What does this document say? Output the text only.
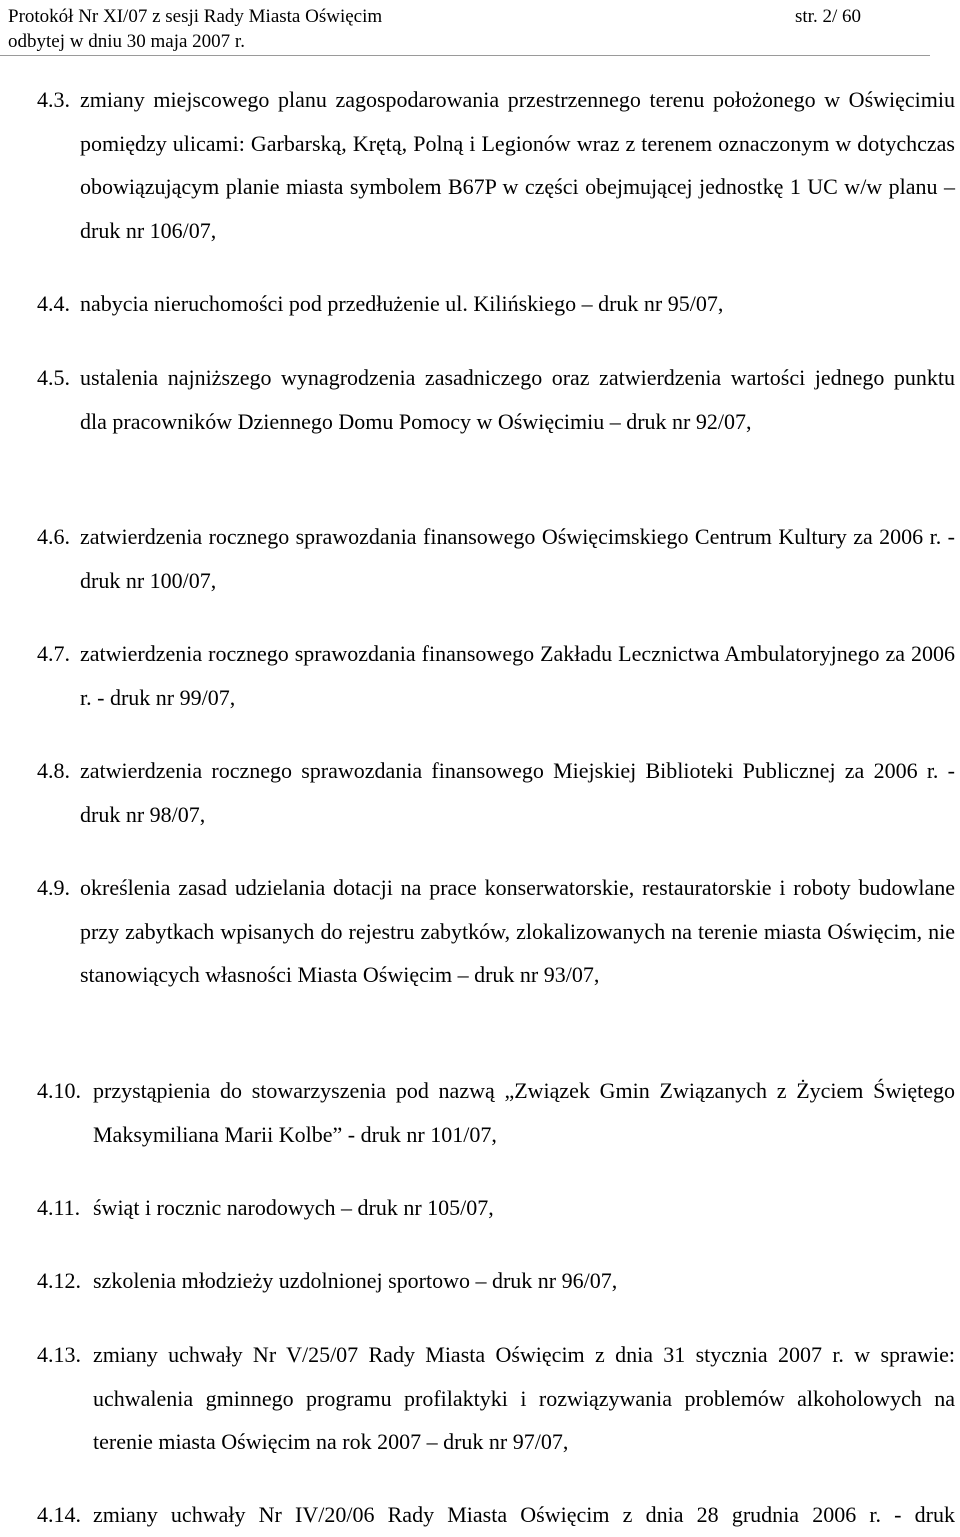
Protokół Nr XI/07 z sesji Rady Miasta Oświęcim	str. 2/ 60
odbytej w dniu 30 maja 2007 r.
4.3. zmiany miejscowego planu zagospodarowania przestrzennego terenu położonego w Oświęcimiu pomiędzy ulicami: Garbarską, Krętą, Polną i Legionów wraz z terenem oznaczonym w dotychczas obowiązującym planie miasta symbolem B67P w części obejmującej jednostkę 1 UC w/w planu – druk nr 106/07,
4.4. nabycia nieruchomości pod przedłużenie ul. Kilińskiego – druk nr 95/07,
4.5. ustalenia najniższego wynagrodzenia zasadniczego oraz zatwierdzenia wartości jednego punktu dla pracowników Dziennego Domu Pomocy w Oświęcimiu – druk nr 92/07,
4.6. zatwierdzenia rocznego sprawozdania finansowego Oświęcimskiego Centrum Kultury za 2006 r. - druk nr 100/07,
4.7. zatwierdzenia rocznego sprawozdania finansowego Zakładu Lecznictwa Ambulatoryjnego za 2006 r. - druk nr 99/07,
4.8. zatwierdzenia rocznego sprawozdania finansowego Miejskiej Biblioteki Publicznej za 2006 r. - druk nr 98/07,
4.9. określenia zasad udzielania dotacji na prace konserwatorskie, restauratorskie i roboty budowlane przy zabytkach wpisanych do rejestru zabytków, zlokalizowanych na terenie miasta Oświęcim, nie stanowiących własności Miasta Oświęcim – druk nr 93/07,
4.10. przystąpienia do stowarzyszenia pod nazwą „Związek Gmin Związanych z Życiem Świętego Maksymiliana Marii Kolbe” - druk nr 101/07,
4.11. świąt i rocznic narodowych – druk nr 105/07,
4.12. szkolenia młodzieży uzdolnionej sportowo – druk nr 96/07,
4.13. zmiany uchwały Nr V/25/07 Rady Miasta Oświęcim z dnia 31 stycznia 2007 r. w sprawie: uchwalenia gminnego programu profilaktyki i rozwiązywania problemów alkoholowych na terenie miasta Oświęcim na rok 2007 – druk nr 97/07,
4.14. zmiany uchwały Nr IV/20/06 Rady Miasta Oświęcim z dnia 28 grudnia 2006 r. - druk
